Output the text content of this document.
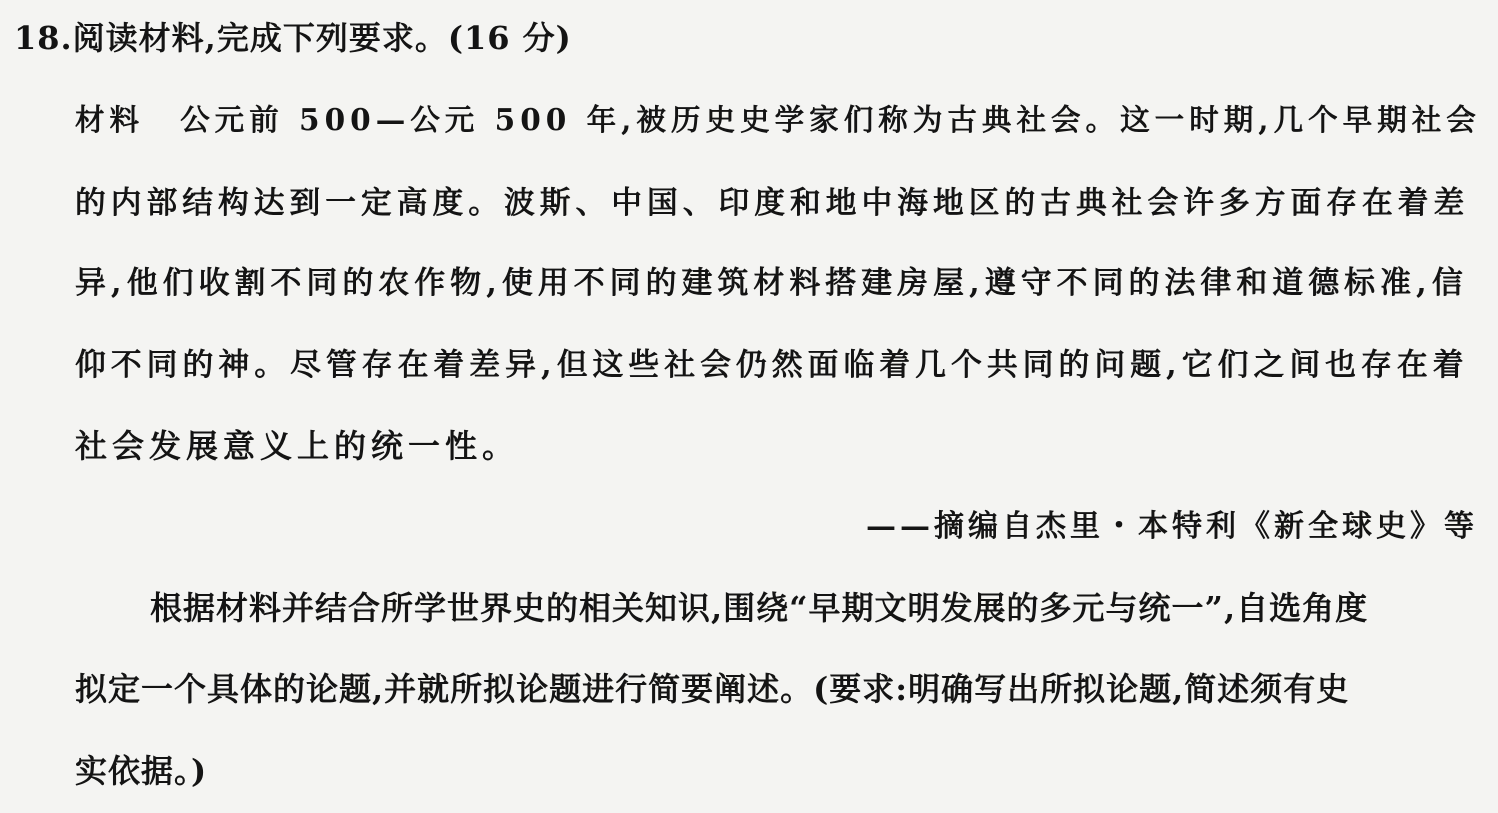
18.阅读材料,完成下列要求。(16 分)
材料 公元前 500—公元 500 年,被历史史学家们称为古典社会。这一时期,几个早期社会
的内部结构达到一定高度。波斯、中国、印度和地中海地区的古典社会许多方面存在着差
异,他们收割不同的农作物,使用不同的建筑材料搭建房屋,遵守不同的法律和道德标准,信
仰不同的神。尽管存在着差异,但这些社会仍然面临着几个共同的问题,它们之间也存在着
社会发展意义上的统一性。
——摘编自杰里・本特利《新全球史》等
根据材料并结合所学世界史的相关知识,围绕“早期文明发展的多元与统一”,自选角度
拟定一个具体的论题,并就所拟论题进行简要阐述。(要求:明确写出所拟论题,简述须有史
实依据。)
